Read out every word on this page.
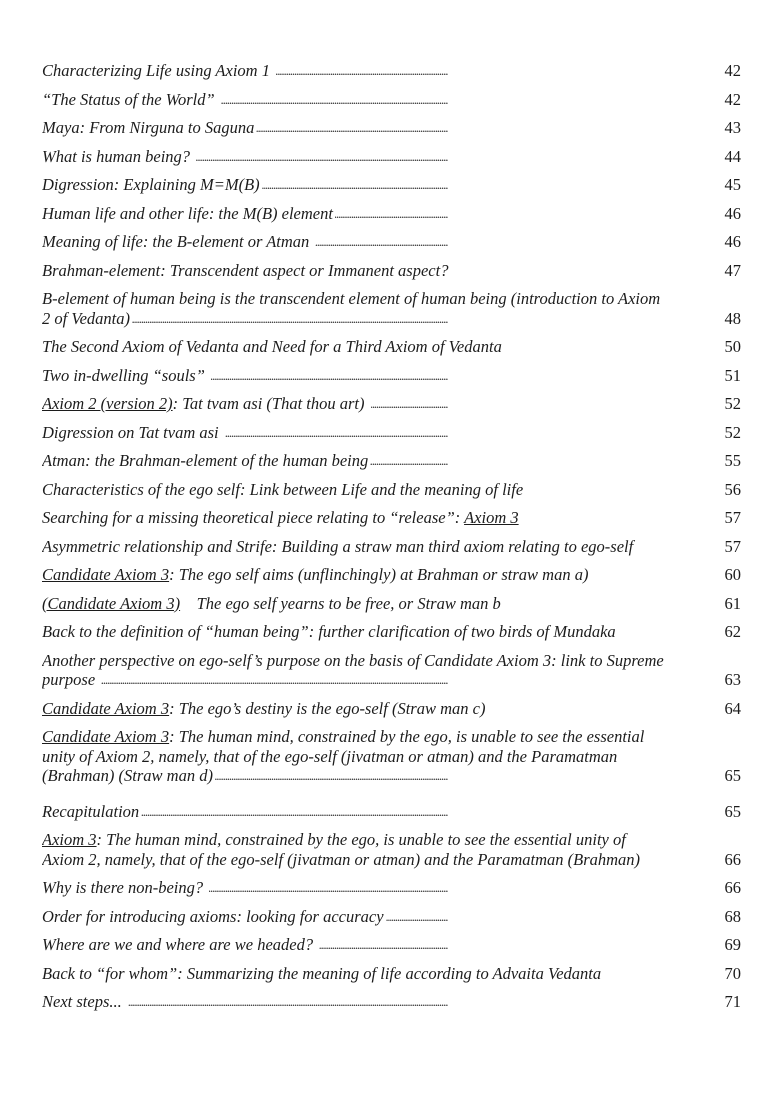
Characterizing Life using Axiom 1	42
. . .
“The Status of the World”	42
. . .
Maya: From Nirguna to Saguna	43
. . .
What is human being?	44
. . .
Digression: Explaining M=M(B)	45
. . .
Human life and other life: the M(B) element	46
. . .
Meaning of life: the B-element or Atman	46
. . .
Brahman-element: Transcendent aspect or Immanent aspect?	47
. . .
B-element of human being is the transcendent element of human being (introduction to Axiom
2 of Vedanta)	48
. . .
The Second Axiom of Vedanta and Need for a Third Axiom of Vedanta	50
. . .
Two in-dwelling “souls”	51
. . .
Axiom 2 (version 2): Tat tvam asi (That thou art)	52
. . .
Digression on Tat tvam asi	52
. . .
Atman: the Brahman-element of the human being	55
. . .
Characteristics of the ego self: Link between Life and the meaning of life	56
. . .
Searching for a missing theoretical piece relating to “release”: Axiom 3	57
. . .
Asymmetric relationship and Strife: Building a straw man third axiom relating to ego-self	57
. . .
Candidate Axiom 3: The ego self aims (unflinchingly) at Brahman or straw man a)	60
. . .
(Candidate Axiom 3)    The ego self yearns to be free, or Straw man b	61
. . .
Back to the definition of “human being”: further clarification of two birds of Mundaka	62
. . .
Another perspective on ego-self’s purpose on the basis of Candidate Axiom 3: link to Supreme
purpose	63
. . .
Candidate Axiom 3: The ego’s destiny is the ego-self (Straw man c)	64
. . .
Candidate Axiom 3: The human mind, constrained by the ego, is unable to see the essential
unity of Axiom 2, namely, that of the ego-self (jivatman or atman) and the Paramatman
(Brahman) (Straw man d)	65
. . .
Recapitulation	65
. . .
Axiom 3: The human mind, constrained by the ego, is unable to see the essential unity of
Axiom 2, namely, that of the ego-self (jivatman or atman) and the Paramatman (Brahman)	66
. . .
Why is there non-being?	66
. . .
Order for introducing axioms: looking for accuracy	68
. . .
Where are we and where are we headed?	69
. . .
Back to “for whom”: Summarizing the meaning of life according to Advaita Vedanta	70
. . .
Next steps...	71
. . .
